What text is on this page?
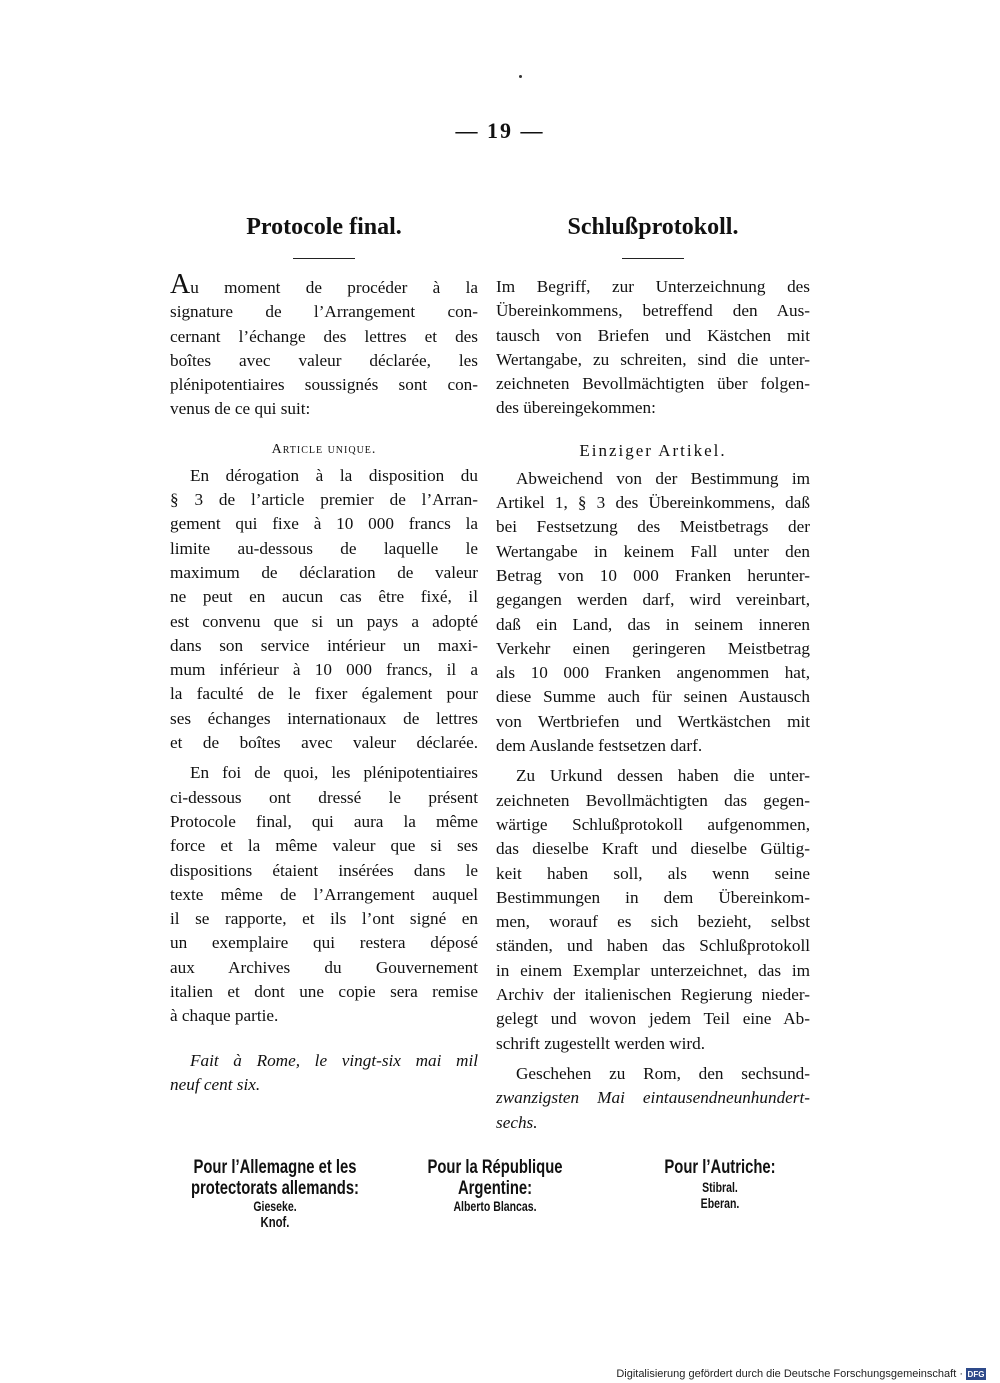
— 19 —
Protocole final.
Au moment de procéder à la
signature de l’Arrangement con-
cernant l’échange des lettres et des
boîtes avec valeur déclarée, les
plénipotentiaires soussignés sont con-
venus de ce qui suit:
Article unique.
En dérogation à la disposition du
§ 3 de l’article premier de l’Arran-
gement qui fixe à 10 000 francs la
limite au-dessous de laquelle le
maximum de déclaration de valeur
ne peut en aucun cas être fixé, il
est convenu que si un pays a adopté
dans son service intérieur un maxi-
mum inférieur à 10 000 francs, il a
la faculté de le fixer également pour
ses échanges internationaux de lettres
et de boîtes avec valeur déclarée.
En foi de quoi, les plénipotentiaires
ci-dessous ont dressé le présent
Protocole final, qui aura la même
force et la même valeur que si ses
dispositions étaient insérées dans le
texte même de l’Arrangement auquel
il se rapporte, et ils l’ont signé en
un exemplaire qui restera déposé
aux Archives du Gouvernement
italien et dont une copie sera remise
à chaque partie.
Fait à Rome, le vingt-six mai mil
neuf cent six.
Schlußprotokoll.
Im Begriff, zur Unterzeichnung des
Übereinkommens, betreffend den Aus-
tausch von Briefen und Kästchen mit
Wertangabe, zu schreiten, sind die unter-
zeichneten Bevollmächtigten über folgen-
des übereingekommen:
Einziger Artikel.
Abweichend von der Bestimmung im
Artikel 1, § 3 des Übereinkommens, daß
bei Festsetzung des Meistbetrags der
Wertangabe in keinem Fall unter den
Betrag von 10 000 Franken herunter-
gegangen werden darf, wird vereinbart,
daß ein Land, das in seinem inneren
Verkehr einen geringeren Meistbetrag
als 10 000 Franken angenommen hat,
diese Summe auch für seinen Austausch
von Wertbriefen und Wertkästchen mit
dem Auslande festsetzen darf.
Zu Urkund dessen haben die unter-
zeichneten Bevollmächtigten das gegen-
wärtige Schlußprotokoll aufgenommen,
das dieselbe Kraft und dieselbe Gültig-
keit haben soll, als wenn seine
Bestimmungen in dem Übereinkom-
men, worauf es sich bezieht, selbst
ständen, und haben das Schlußprotokoll
in einem Exemplar unterzeichnet, das im
Archiv der italienischen Regierung nieder-
gelegt und wovon jedem Teil eine Ab-
schrift zugestellt werden wird.
Geschehen zu Rom, den sechsund-
zwanzigsten Mai eintausendneunhundert-
sechs.
Pour l’Allemagne et les
protectorats allemands:
Gieseke.
Knof.
Pour la République
Argentine:
Alberto Blancas.
Pour l’Autriche:
Stibral.
Eberan.
Digitalisierung gefördert durch die Deutsche Forschungsgemeinschaft · DFG
